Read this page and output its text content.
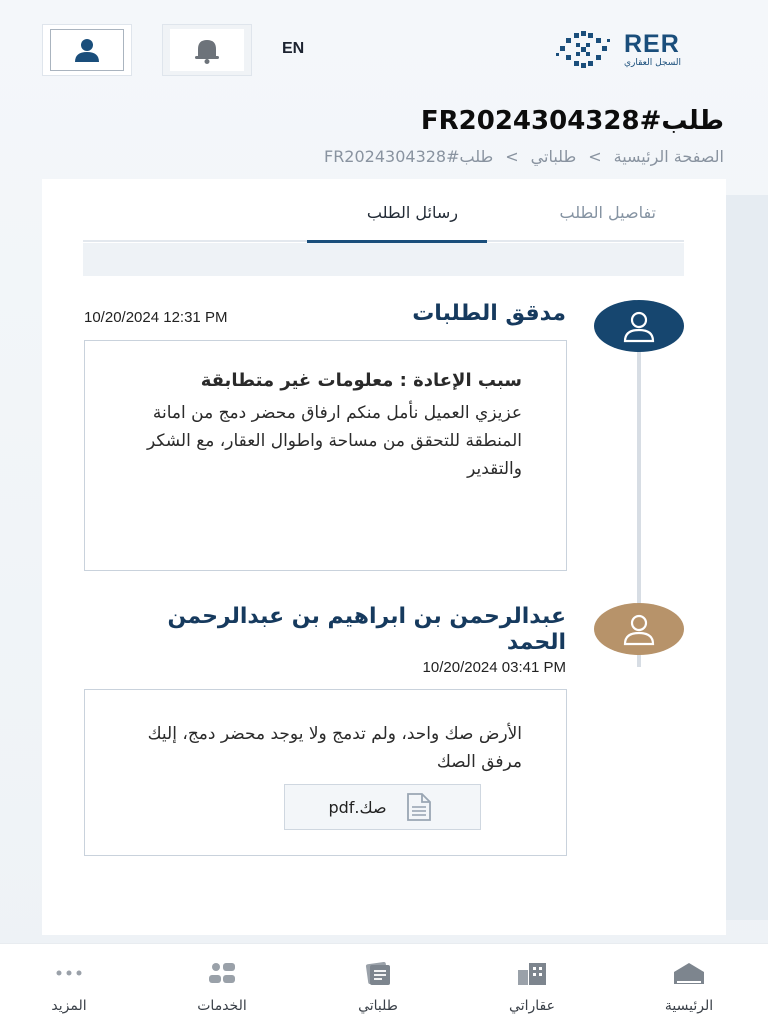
EN	RER
السجل العقاري
طلب#FR2024304328
الصفحة الرئيسية
>
طلباتي
>
طلب#FR2024304328
تفاصيل الطلب
رسائل الطلب
مدقق الطلبات
10/20/2024 12:31 PM
سبب الإعادة : معلومات غير متطابقة
عزيزي العميل نأمل منكم ارفاق محضر دمج من امانة المنطقة للتحقق من مساحة واطوال العقار، مع الشكر والتقدير
عبدالرحمن بن ابراهيم بن عبدالرحمن الحمد
10/20/2024 03:41 PM
الأرض صك واحد، ولم تدمج ولا يوجد محضر دمج، إليك مرفق الصك
صك.pdf
الرئيسية
عقاراتي
طلباتي
الخدمات
المزيد
